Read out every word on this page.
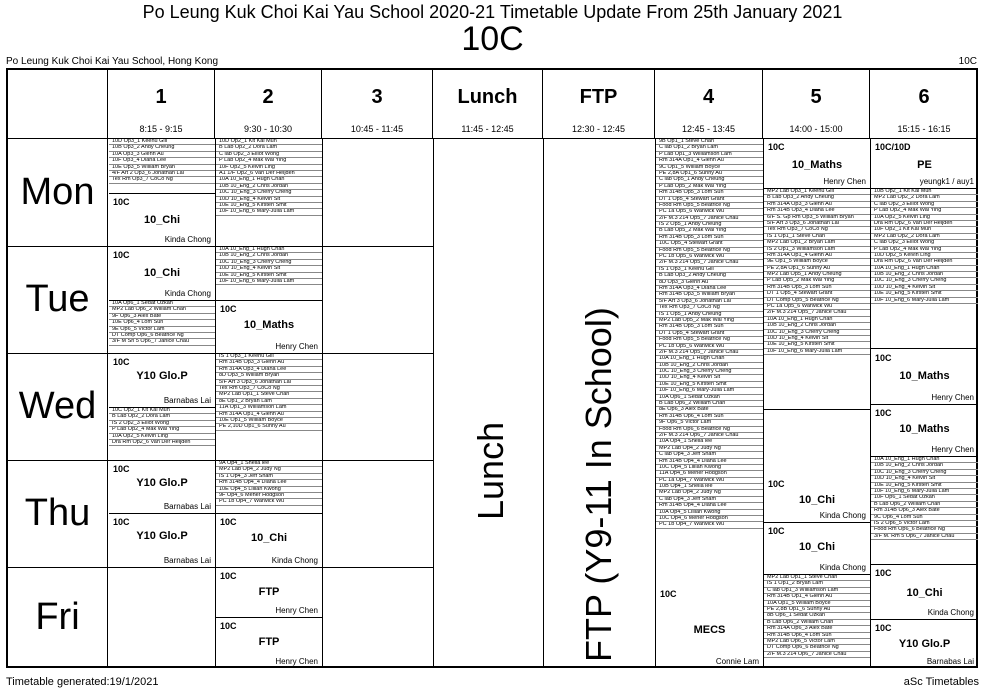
Po Leung Kuk Choi Kai Yau School 2020-21 Timetable Update From 25th January 2021
10C
Po Leung Kuk Choi Kai Yau School, Hong Kong	10C
1
8:15 - 9:15
2
9:30 - 10:30
3
10:45 - 11:45
Lunch
11:45 - 12:45
FTP
12:30 - 12:45
4
12:45 - 13:45
5
14:00 - 15:00
6
15:15 - 16:15
Mon
Tue
Wed
Thu
Fri
10D Op3_1 Keenu Gill
10B Op3_2 Andy Cheung
10A Op3_3 Glenn Au
10F Op3_4 Diana Lee
10E Op3_5 William Bryan
4/F Art 2 Op3_6 Jonathan Lai
Tex Rm Op3_7 CoCo Ng
10C
10_Chi
Kinda Chong
10C
10_Chi
Kinda Chong
10A Op6_1 Sedat Ozkan
MP2 Lab Op6_2 William Chan
9F Op6_3 Alex Bate
10E Op6_4 Lom Sun
9E Op6_5 Victor Lam
DT Comp Op6_6 Beatrice Ng
3/F M Sn 5 Op6_7 Janice Chau
10C
Y10 Glo.P
Barnabas Lai
10C Op2_1 Kit Kai Mun
B Lab Op2_2 Dora Lam
IS 2 Op2_3 Elliot Wong
P Lab Op2_4 Mak Wai Ying
10A Op2_5 Kelvin Ling
Dra Rm Op2_6 Van Der Heijden
10C
Y10 Glo.P
Barnabas Lai
10C
Y10 Glo.P
Barnabas Lai
10D Op2_1 Kit Kai Mun
B Lab Op2_2 Dora Lam
C lab Op2_3 Elliot Wong
P Lab Op2_4 Mak Wai Ying
10F Op2_5 Kelvin Ling
A1 1/F Op2_6 Van Der Heijden
10A 10_Eng_1 Hugh Chan
10B 10_Eng_2 Chris Jordan
10C 10_Eng_3 Cherry Cheng
10D 10_Eng_4 Kelvin Sit
10E 10_Eng_5 Kirsten Smit
10F 10_Eng_6 Mary-Julia Lam
10A 10_Eng_1 Hugh Chan
10B 10_Eng_2 Chris Jordan
10C 10_Eng_3 Cherry Cheng
10D 10_Eng_4 Kelvin Sit
10E 10_Eng_5 Kirsten Smit
10F 10_Eng_6 Mary-Julia Lam
10C
10_Maths
Henry Chen
IS 1 Op3_1 Keenu Gill
Rm 314B Op3_3 Glenn Au
Rm 314A Op3_4 Diana Lee
8D Op3_5 William Bryan
5/F Art 3 Op3_6 Jonathan Lai
Tex Rm Op3_7 CoCo Ng
MP2 Lab Op1_1 Steve Chan
8E Op1_2 Bryan Lam
11A Op1_3 Williamson Lam
Rm 314A Op1_4 Glenn Au
10E Op1_5 William Boyce
PE 2,10D Op1_6 Sunny Au
9A Op4_1 Sheila lee
MP2 Lab Op4_2 Judy Ng
IS 1 Op4_3 Jeff Sham
Rm 314B Op4_4 Diana Lee
10E Op4_5 Lillian Kwong
9F Op4_6 Meher Hodgson
PC 1b Op4_7 Warwick Wu
10C
10_Chi
Kinda Chong
10C
FTP
Henry Chen
10C
FTP
Henry Chen
Lunch FTP (Y9-11 In School)
9B Op1_1 Steve Chan
C lab Op1_2 Bryan Lam
P Lab Op1_3 Williamson Lam
Rm 314A Op1_4 Glenn Au
9C Op1_5 William Boyce
PE 2,8A Op1_6 Sunny Au
C lab Op5_1 Andy Cheung
P Lab Op5_2 Mak Wai Ying
Rm 314B Op5_3 Lom Sun
DT 1 Op5_4 Stewart Grant
Food Rm Op5_5 Beatrice Ng
PC 1a Op5_6 Warwick Wu
2/F M.3 214 Op5_7 Janice Chau
IS 2 Op5_1 Andy Cheung
B Lab Op5_2 Mak Wai Ying
Rm 314B Op5_3 Lom Sun
10C Op5_4 Stewart Grant
Food Rm Op5_5 Beatrice Ng
PC 1b Op5_6 Warwick Wu
2/F M.3 214 Op5_7 Janice Chau
IS 1 Op3_1 Keenu Gill
B Lab Op3_2 Andy Cheung
8D Op3_3 Glenn Au
Rm 314A Op3_4 Diana Lee
Rm 314B Op3_5 William Bryan
5/F Art 3 Op3_6 Jonathan Lai
Tex Rm Op3_7 CoCo Ng
IS 1 Op5_1 Andy Cheung
MP2 Lab Op5_2 Mak Wai Ying
Rm 314B Op5_3 Lom Sun
DT 1 Op5_4 Stewart Grant
Food Rm Op5_5 Beatrice Ng
PC 1b Op5_6 Warwick Wu
2/F M.3 214 Op5_7 Janice Chau
10A 10_Eng_1 Hugh Chan
10B 10_Eng_2 Chris Jordan
10C 10_Eng_3 Cherry Cheng
10D 10_Eng_4 Kelvin Sit
10E 10_Eng_5 Kirsten Smit
10F 10_Eng_6 Mary-Julia Lam
10A Op6_1 Sedat Ozkan
B Lab Op6_2 William Chan
8E Op6_3 Alex Bate
Rm 314B Op6_4 Lom Sun
9F Op6_5 Victor Lam
Food Rm Op6_6 Beatrice Ng
2/F M.3 214 Op6_7 Janice Chau
10A Op4_1 Sheila lee
MP2 Lab Op4_2 Judy Ng
C lab Op4_3 Jeff Sham
Rm 314B Op4_4 Diana Lee
10C Op4_5 Lillian Kwong
11A Op4_6 Meher Hodgson
PC 1a Op4_7 Warwick Wu
10B Op4_1 Sheila lee
MP2 Lab Op4_2 Judy Ng
C lab Op4_3 Jeff Sham
Rm 314B Op4_4 Diana Lee
10A Op4_5 Lillian Kwong
10C Op4_6 Meher Hodgson
PC 1b Op4_7 Warwick Wu
10C
MECS
Connie Lam
10C
10_Maths
Henry Chen
MP2 Lab Op3_1 Keenu Gill
B Lab Op3_2 Andy Cheung
Rm 314A Op3_3 Glenn Au
Rm 314B Op3_4 Diana Lee
6/F S. Gp Rm Op3_5 William Bryan
5/F Art 3 Op3_6 Jonathan Lai
Tex Rm Op3_7 CoCo Ng
IS 1 Op1_1 Steve Chan
MP2 Lab Op1_2 Bryan Lam
IS 2 Op1_3 Williamson Lam
Rm 314A Op1_4 Glenn Au
9E Op1_5 William Boyce
PE 2,8A Op1_6 Sunny Au
MP2 Lab Op5_1 Andy Cheung
P Lab Op5_2 Mak Wai Ying
Rm 314B Op5_3 Lom Sun
DT 1 Op5_4 Stewart Grant
DT Comp Op5_5 Beatrice Ng
PC 1a Op5_6 Warwick Wu
2/F M.3 214 Op5_7 Janice Chau
10A 10_Eng_1 Hugh Chan
10B 10_Eng_2 Chris Jordan
10C 10_Eng_3 Cherry Cheng
10D 10_Eng_4 Kelvin Sit
10E 10_Eng_5 Kirsten Smit
10F 10_Eng_6 Mary-Julia Lam
10C
10_Chi
Kinda Chong
10C
10_Chi
Kinda Chong
MP2 Lab Op1_1 Steve Chan
IS 1 Op1_2 Bryan Lam
C lab Op1_3 Williamson Lam
Rm 314B Op1_4 Glenn Au
10A Op1_5 William Boyce
PE 2,8B Op1_6 Sunny Au
8B Op6_1 Sedat Ozkan
B Lab Op6_2 William Chan
Rm 314A Op6_3 Alex Bate
Rm 314B Op6_4 Lom Sun
MP2 Lab Op6_5 Victor Lam
DT Comp Op6_6 Beatrice Ng
2/F M.3 214 Op6_7 Janice Chau
10C/10D
PE
yeungk1 / auy1
10B Op2_1 Kit Kai Mun
MP2 Lab Op2_2 Dora Lam
C lab Op2_3 Elliot Wong
P Lab Op2_4 Mak Wai Ying
10A Op2_5 Kelvin Ling
Dra Rm Op2_6 Van Der Heijden
10F Op2_1 Kit Kai Mun
MP2 Lab Op2_2 Dora Lam
C lab Op2_3 Elliot Wong
P Lab Op2_4 Mak Wai Ying
10D Op2_5 Kelvin Ling
Dra Rm Op2_6 Van Der Heijden
10A 10_Eng_1 Hugh Chan
10B 10_Eng_2 Chris Jordan
10C 10_Eng_3 Cherry Cheng
10D 10_Eng_4 Kelvin Sit
10E 10_Eng_5 Kirsten Smit
10F 10_Eng_6 Mary-Julia Lam
10C
10_Maths
Henry Chen
10C
10_Maths
Henry Chen
10A 10_Eng_1 Hugh Chan
10B 10_Eng_2 Chris Jordan
10C 10_Eng_3 Cherry Cheng
10D 10_Eng_4 Kelvin Sit
10E 10_Eng_5 Kirsten Smit
10F 10_Eng_6 Mary-Julia Lam
10F Op6_1 Sedat Ozkan
B Lab Op6_2 William Chan
Rm 314B Op6_3 Alex Bate
9C Op6_4 Lom Sun
IS 2 Op6_5 Victor Lam
Food Rm Op6_6 Beatrice Ng
3/F M. Rm 5 Op6_7 Janice Chau
10C
10_Chi
Kinda Chong
10C
Y10 Glo.P
Barnabas Lai
Timetable generated:19/1/2021	aSc Timetables
